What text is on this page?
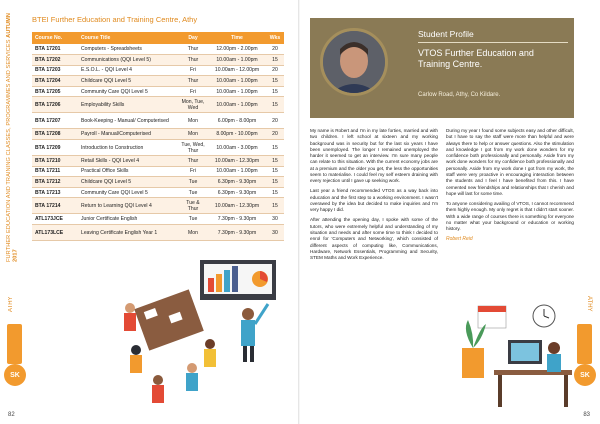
FURTHER EDUCATION AND TRAINING CLASSES, PROGRAMMES AND SERVICES AUTUMN 2017
ATHY
SK
BTEI Further Education and Training Centre, Athy
Course No.	Course Title	Day	Time	Wks
BTA 17201	Computers - Spreadsheets	Thur	12.00pm - 2.00pm	20
BTA 17202	Communications (QQI Level 5)	Thur	10.00am - 1.00pm	15
BTA 17203	E.S.O.L. - QQI Level 4	Fri	10.00am - 12.00pm	20
BTA 17204	Childcare QQI Level 5	Thur	10.00am - 1.00pm	15
BTA 17205	Community Care QQI Level 5	Fri	10.00am - 1.00pm	15
BTA 17206	Employability Skills	Mon, Tue, Wed	10.00am - 1.00pm	15
BTA 17207	Book-Keeping - Manual/ Computerised	Mon	6.00pm - 8.00pm	20
BTA 17208	Payroll - Manual/Computerised	Mon	8.00pm - 10.00pm	20
BTA 17209	Introduction to Construction	Tue, Wed, Thur	10.00am - 3.00pm	15
BTA 17210	Retail Skills - QQI Level 4	Thur	10.00am - 12.30pm	15
BTA 17211	Practical Office Skills	Fri	10.00am - 1.00pm	15
BTA 17212	Childcare QQI Level 5	Tue	6.30pm - 9.30pm	15
BTA 17213	Community Care QQI Level 5	Tue	6.30pm - 9.30pm	15
BTA 17214	Return to Learning QQI Level 4	Tue & Thur	10.00am - 12.30pm	15
ATL173JCE	Junior Certificate English	Tue	7.30pm - 9.30pm	30
ATL173LCE	Leaving Certificate English Year 1	Mon	7.30pm - 9.30pm	30
82
Student Profile
VTOS Further Education and Training Centre.
Carlow Road, Athy, Co Kildare.

My name is Robert and I'm in my late forties, married and with two children. I left school at sixteen and my working background was in security but for the last six years I have been unemployed. The longer I remained unemployed the harder it seemed to get an interview. I'm sure many people can relate to this situation. With the current economy jobs are at a premium and the older you get, the less the opportunities seem to materialise. I could feel my self esteem draining with every rejection until I gave up seeking work.

Last year a friend recommended VTOS as a way back into education and the first step to a working environment. I wasn't overawed by the idea but decided to make inquiries and I'm very happy I did.

After attending the opening day, I spoke with some of the tutors, who were extremely helpful and understanding of my situation and needs and after some time to think I decided to enrol for 'Computers and Networking', which consisted of different aspects of computing like, Communications, Hardware, Network Essentials, Programming and Security, STEM Maths and Work Experience.

During my year I found some subjects easy and other difficult, but I have to say the staff were more than helpful and were always there to help or answer questions. Also the stimulation and knowledge I got from my work done wonders for my confidence both professionally and personally. Aside from my work done wonders for my confidence both professionally and personally. Aside from my work done I got from my work, the staff were very proactive in encouraging interaction between the students and I feel I have benefited from this. I have cemented new friendships and relationships that I cherish and hope will last for some time.

To anyone considering availing of VTOS, I cannot recommend them highly enough. My only regret is that I didn't start sooner. With a wide range of courses there is something for everyone no matter what your background or education or working history.

Robert Reid

ATHY
SK
83
